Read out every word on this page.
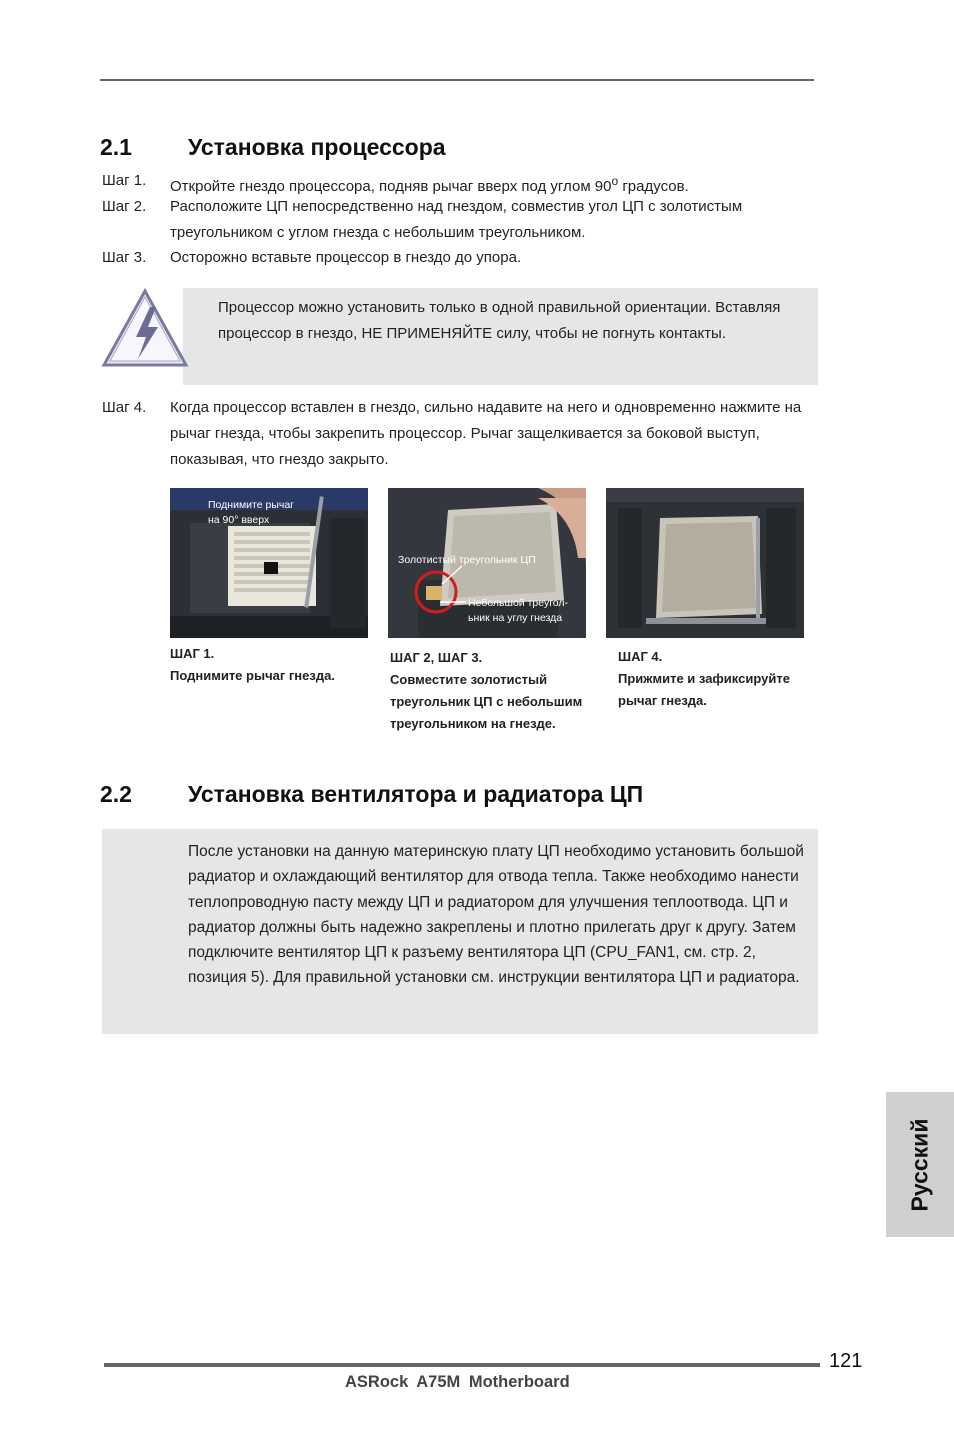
2.1 Установка процессора
Шаг 1. Откройте гнездо процессора, подняв рычаг вверх под углом 90$^o$ градусов.
Шаг 2. Расположите ЦП непосредственно над гнездом, совместив угол ЦП с золотистым треугольником с углом гнезда с небольшим треугольником.
Шаг 3. Осторожно вставьте процессор в гнездо до упора.
Процессор можно установить только в одной правильной ориентации. Вставляя процессор в гнездо, НЕ ПРИМЕНЯЙТЕ силу, чтобы не погнуть контакты.
Шаг 4. Когда процессор вставлен в гнездо, сильно надавите на него и одновременно нажмите на рычаг гнезда, чтобы закрепить процессор. Рычаг защелкивается за боковой выступ, показывая, что гнездо закрыто.
Поднимите рычаг
на 90° вверх
Золотистый треугольник ЦП
Небольшой треугол-
ьник на углу гнезда
ШАГ 1.
Поднимите рычаг гнезда.
ШАГ 2, ШАГ 3.
Совместите золотистый
треугольник ЦП с небольшим
треугольником на гнезде.
ШАГ 4.
Прижмите и зафиксируйте
рычаг гнезда.
2.2 Установка вентилятора и радиатора ЦП
После установки на данную материнскую плату ЦП необходимо установить большой радиатор и охлаждающий вентилятор для отвода тепла. Также необходимо нанести теплопроводную пасту между ЦП и радиатором для улучшения теплоотвода. ЦП и радиатор должны быть надежно закреплены и плотно прилегать друг к другу. Затем подключите вентилятор ЦП к разъему вентилятора ЦП (CPU_FAN1, см. стр. 2, позиция 5). Для правильной установки см. инструкции вентилятора ЦП и радиатора.
Русский
121
ASRock A75M Motherboard
